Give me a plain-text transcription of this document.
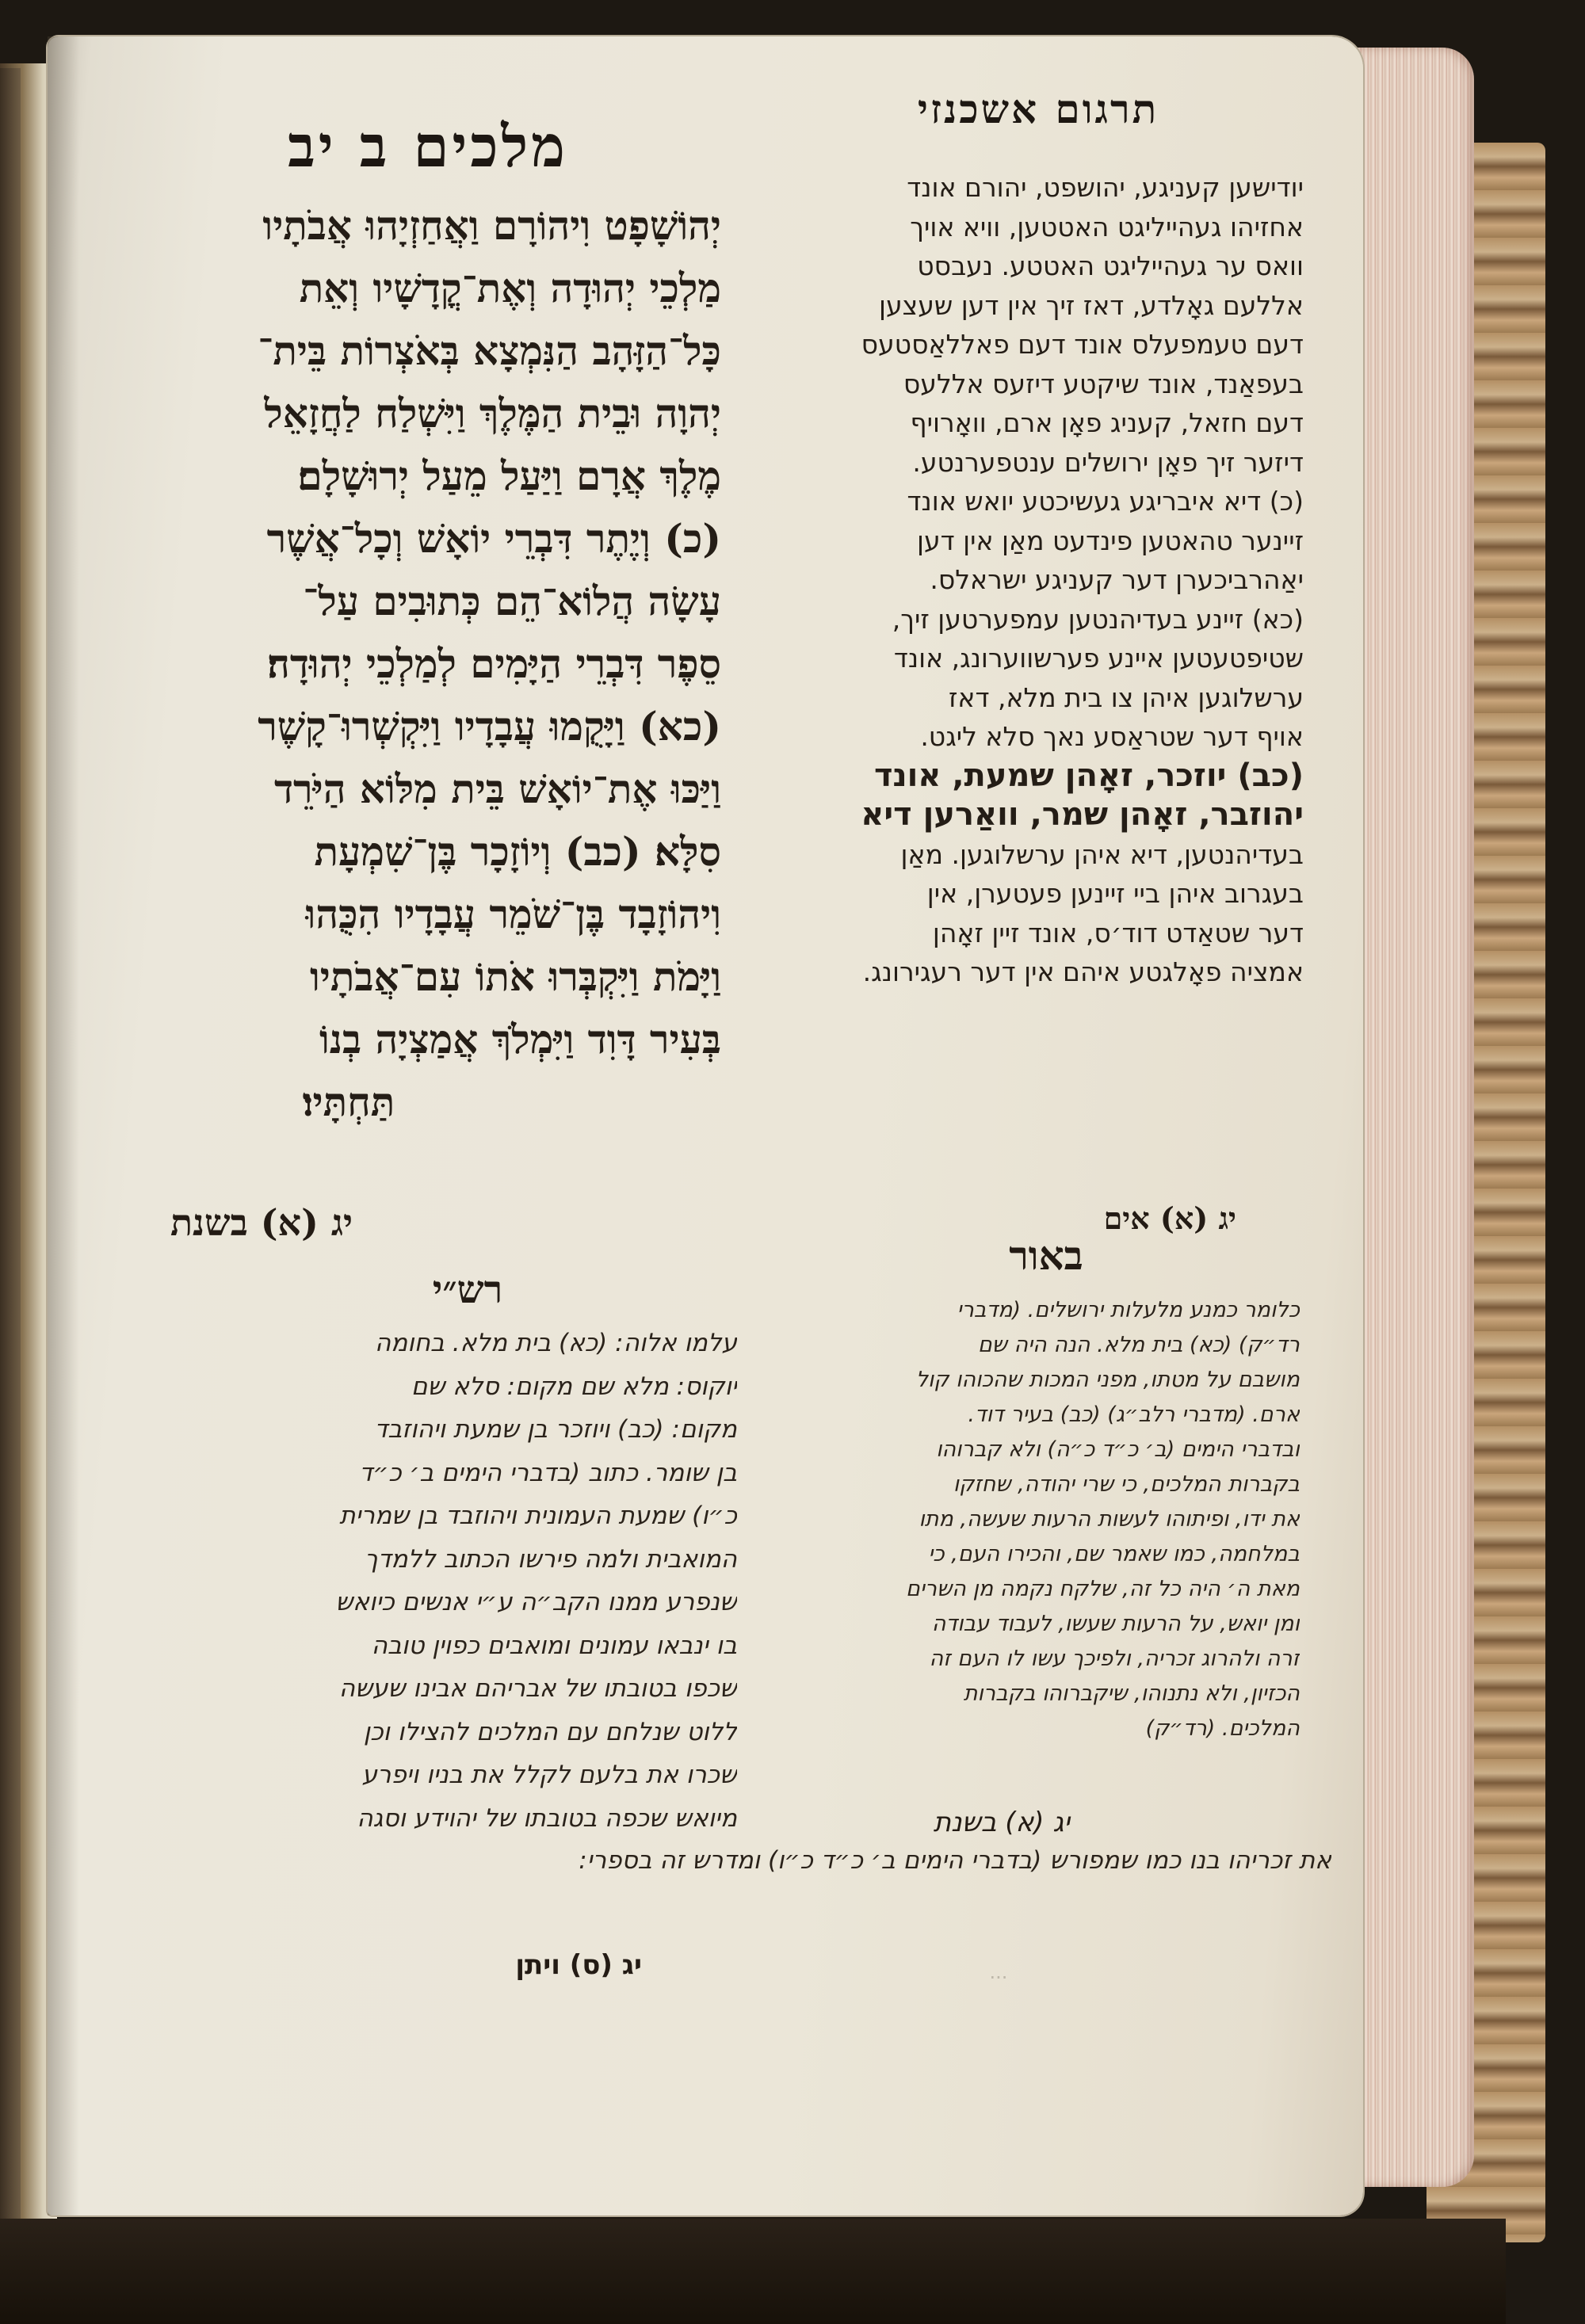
מלכים ב יב
תרגום אשכנזי
יְהוֹשָׁפָט וִיהוֹרָם וַאֲחַזְיָהוּ אֲבֹתָיו
מַלְכֵי יְהוּדָה וְאֶת־קֳדָשָׁיו וְאֵת
כָּל־הַזָּהָב הַנִּמְצָא בְּאֹצְרוֹת בֵּית־
יְהוָה וּבֵית הַמֶּלֶךְ וַיִּשְׁלַח לַחֲזָאֵל
מֶלֶךְ אֲרָם וַיַּעַל מֵעַל יְרוּשָׁלָם׃
(כ) וְיֶתֶר דִּבְרֵי יוֹאָשׁ וְכָל־אֲשֶׁר
עָשָׂה הֲלוֹא־הֵם כְּתוּבִים עַל־
סֵפֶר דִּבְרֵי הַיָּמִים לְמַלְכֵי יְהוּדָה׃
(כא) וַיָּקֻמוּ עֲבָדָיו וַיִּקְשְׁרוּ־קָשֶׁר
וַיַּכּוּ אֶת־יוֹאָשׁ בֵּית מִלּוֹא הַיֹּרֵד
סִלָּא׃ (כב) וְיוֹזָכָר בֶּן־שִׁמְעָת
וִיהוֹזָבָד בֶּן־שֹׁמֵר עֲבָדָיו הִכֻּהוּ
וַיָּמֹת וַיִּקְבְּרוּ אֹתוֹ עִם־אֲבֹתָיו
בְּעִיר דָּוִד וַיִּמְלֹךְ אֲמַצְיָה בְנוֹ
תַּחְתָּיו׃
יג (א) בשנת
יודישען קעניגע, יהושפט, יהורם אונד
אחזיהו געהייליגט האטטען, וויא אויך
וואס ער געהייליגט האטטע. נעבסט
אללעם גאָלדע, דאז זיך אין דען שעצען
דעם טעמפעלס אונד דעם פאללאַסטעס
בעפאַנד, אונד שיקטע דיזעס אללעס
דעם חזאל, קעניג פאָן ארם, וואָרויף
דיזער זיך פאָן ירושלים ענטפערנטע.
(כ) דיא איבריגע געשיכטע יואש אונד
זיינער טהאטען פינדעט מאַן אין דען
יאַהרביכערן דער קעניגע ישראלס.
(כא) זיינע בעדיהנטען עמפערטען זיך,
שטיפטעטען איינע פערשווערונג, אונד
ערשלוגען איהן צו בית מלא, דאז
אויף דער שטראַסע נאך סלא ליגט.
(כב) יוזכר, זאָהן שמעת, אונד
יהוזבר, זאָהן שמר, וואַרען דיא
בעדיהנטען, דיא איהן ערשלוגען. מאַן
בעגרוב איהן ביי זיינען פעטערן, אין
דער שטאַדט דוד׳ס, אונד זיין זאָהן
אמציה פאָלגטע איהם אין דער רעגירונג.
יג (א) אים
רש״י
באור
עלמו אלוה: (כא) בית מלא. בחומה
יוקוס: מלא שם מקום: סלא שם
מקום: (כב) ויוזכר בן שמעת ויהוזבד
בן שומר. כתוב (בדברי הימים ב׳ כ״ד
כ״ו) שמעת העמונית ויהוזבד בן שמרית
המואבית ולמה פירשו הכתוב ללמדך
שנפרע ממנו הקב״ה ע״י אנשים כיואש
בו ינבאו עמונים ומואבים כפוין טובה
שכפו בטובתו של אבריהם אבינו שעשה
ללוט שנלחם עם המלכים להצילו וכן
שכרו את בלעם לקלל את בניו ויפרע
מיואש שכפה בטובתו של יהוידע וסגה
כלומר כמנע מלעלות ירושלים. (מדברי
רד״ק) (כא) בית מלא. הנה היה שם
מושבם על מטתו, מפני המכות שהכוהו קול
ארם. (מדברי רלב״ג) (כב) בעיר דוד.
ובדברי הימים (ב׳ כ״ד כ״ה) ולא קברוהו
בקברות המלכים, כי שרי יהודה, שחזקו
את ידו, ופיתוהו לעשות הרעות שעשה, מתו
במלחמה, כמו שאמר שם, והכירו העם, כי
מאת ה׳ היה כל זה, שלקח נקמה מן השרים
ומן יואש, על הרעות שעשו, לעבוד עבודה
זרה ולהרוג זכריה, ולפיכך עשו לו העם זה
הכזיון, ולא נתנוהו, שיקברוהו בקברות
המלכים. (רד״ק)
יג (א) בשנת
את זכריהו בנו כמו שמפורש (בדברי הימים ב׳ כ״ד כ״ו) ומדרש זה בספרי:
יג (ס) ויתן	...
